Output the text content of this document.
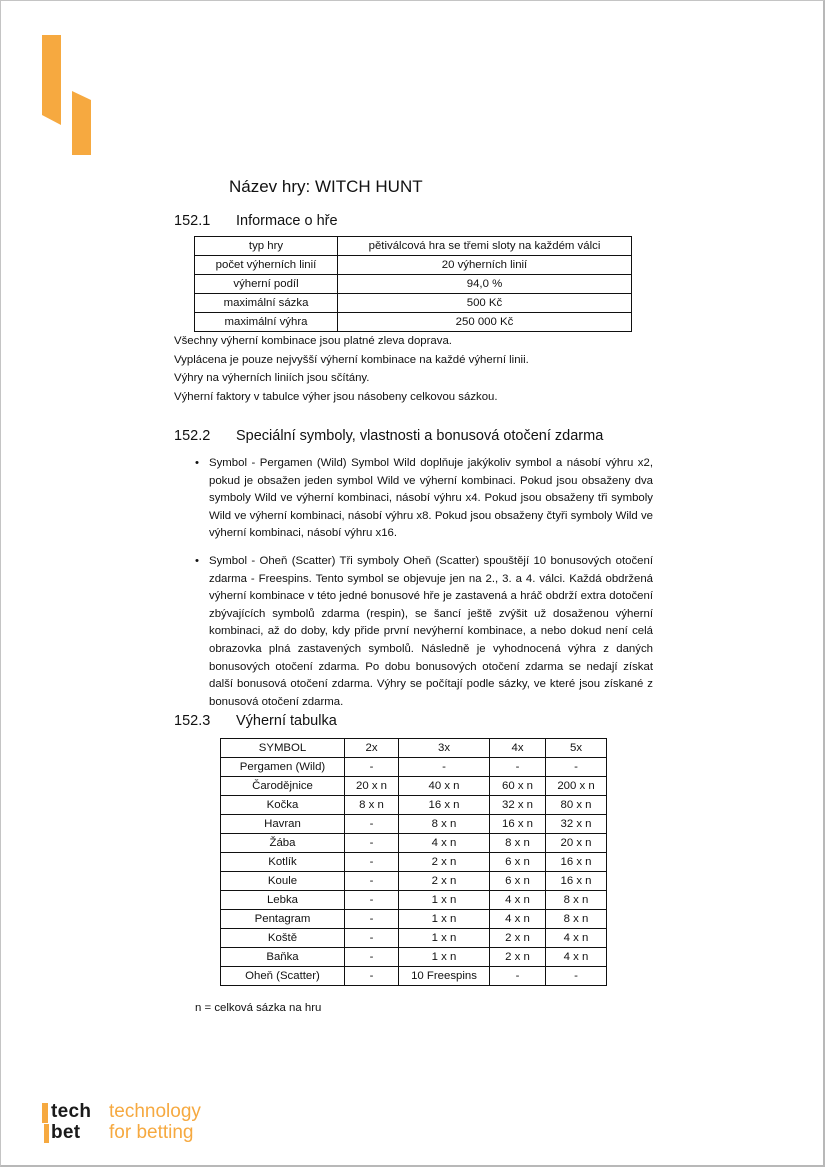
Název hry: WITCH HUNT
152.1 Informace o hře
typ hry	pětiválcová hra se třemi sloty na každém válci
počet výherních linií	20 výherních linií
výherní podíl	94,0 %
maximální sázka	500 Kč
maximální výhra	250 000 Kč
Všechny výherní kombinace jsou platné zleva doprava.
Vyplácena je pouze nejvyšší výherní kombinace na každé výherní linii.
Výhry na výherních liniích jsou sčítány.
Výherní faktory v tabulce výher jsou násobeny celkovou sázkou.
152.2 Speciální symboly, vlastnosti a bonusová otočení zdarma
• Symbol - Pergamen (Wild) Symbol Wild doplňuje jakýkoliv symbol a násobí výhru x2, pokud je obsažen jeden symbol Wild ve výherní kombinaci. Pokud jsou obsaženy dva symboly Wild ve výherní kombinaci, násobí výhru x4. Pokud jsou obsaženy tři symboly Wild ve výherní kombinaci, násobí výhru x8. Pokud jsou obsaženy čtyři symboly Wild ve výherní kombinaci, násobí výhru x16.
• Symbol - Oheň (Scatter) Tři symboly Oheň (Scatter) spouštějí 10 bonusových otočení zdarma - Freespins. Tento symbol se objevuje jen na 2., 3. a 4. válci. Každá obdržená výherní kombinace v této jedné bonusové hře je zastavená a hráč obdrží extra dotočení zbývajících symbolů zdarma (respin), se šancí ještě zvýšit už dosaženou výherní kombinaci, až do doby, kdy přide první nevýherní kombinace, a nebo dokud není celá obrazovka plná zastavených symbolů. Následně je vyhodnocená výhra z daných bonusových otočení zdarma. Po dobu bonusových otočení zdarma se nedají získat další bonusová otočení zdarma. Výhry se počítají podle sázky, ve které jsou získané z bonusová otočení zdarma.
152.3 Výherní tabulka
SYMBOL	2x	3x	4x	5x
Pergamen (Wild)	-	-	-	-
Čarodějnice	20 x n	40 x n	60 x n	200 x n
Kočka	8 x n	16 x n	32 x n	80 x n
Havran	-	8 x n	16 x n	32 x n
Žába	-	4 x n	8 x n	20 x n
Kotlík	-	2 x n	6 x n	16 x n
Koule	-	2 x n	6 x n	16 x n
Lebka	-	1 x n	4 x n	8 x n
Pentagram	-	1 x n	4 x n	8 x n
Koště	-	1 x n	2 x n	4 x n
Baňka	-	1 x n	2 x n	4 x n
Oheň (Scatter)	-	10 Freespins	-	-
n = celková sázka na hru
tech
bet
technology
for betting
